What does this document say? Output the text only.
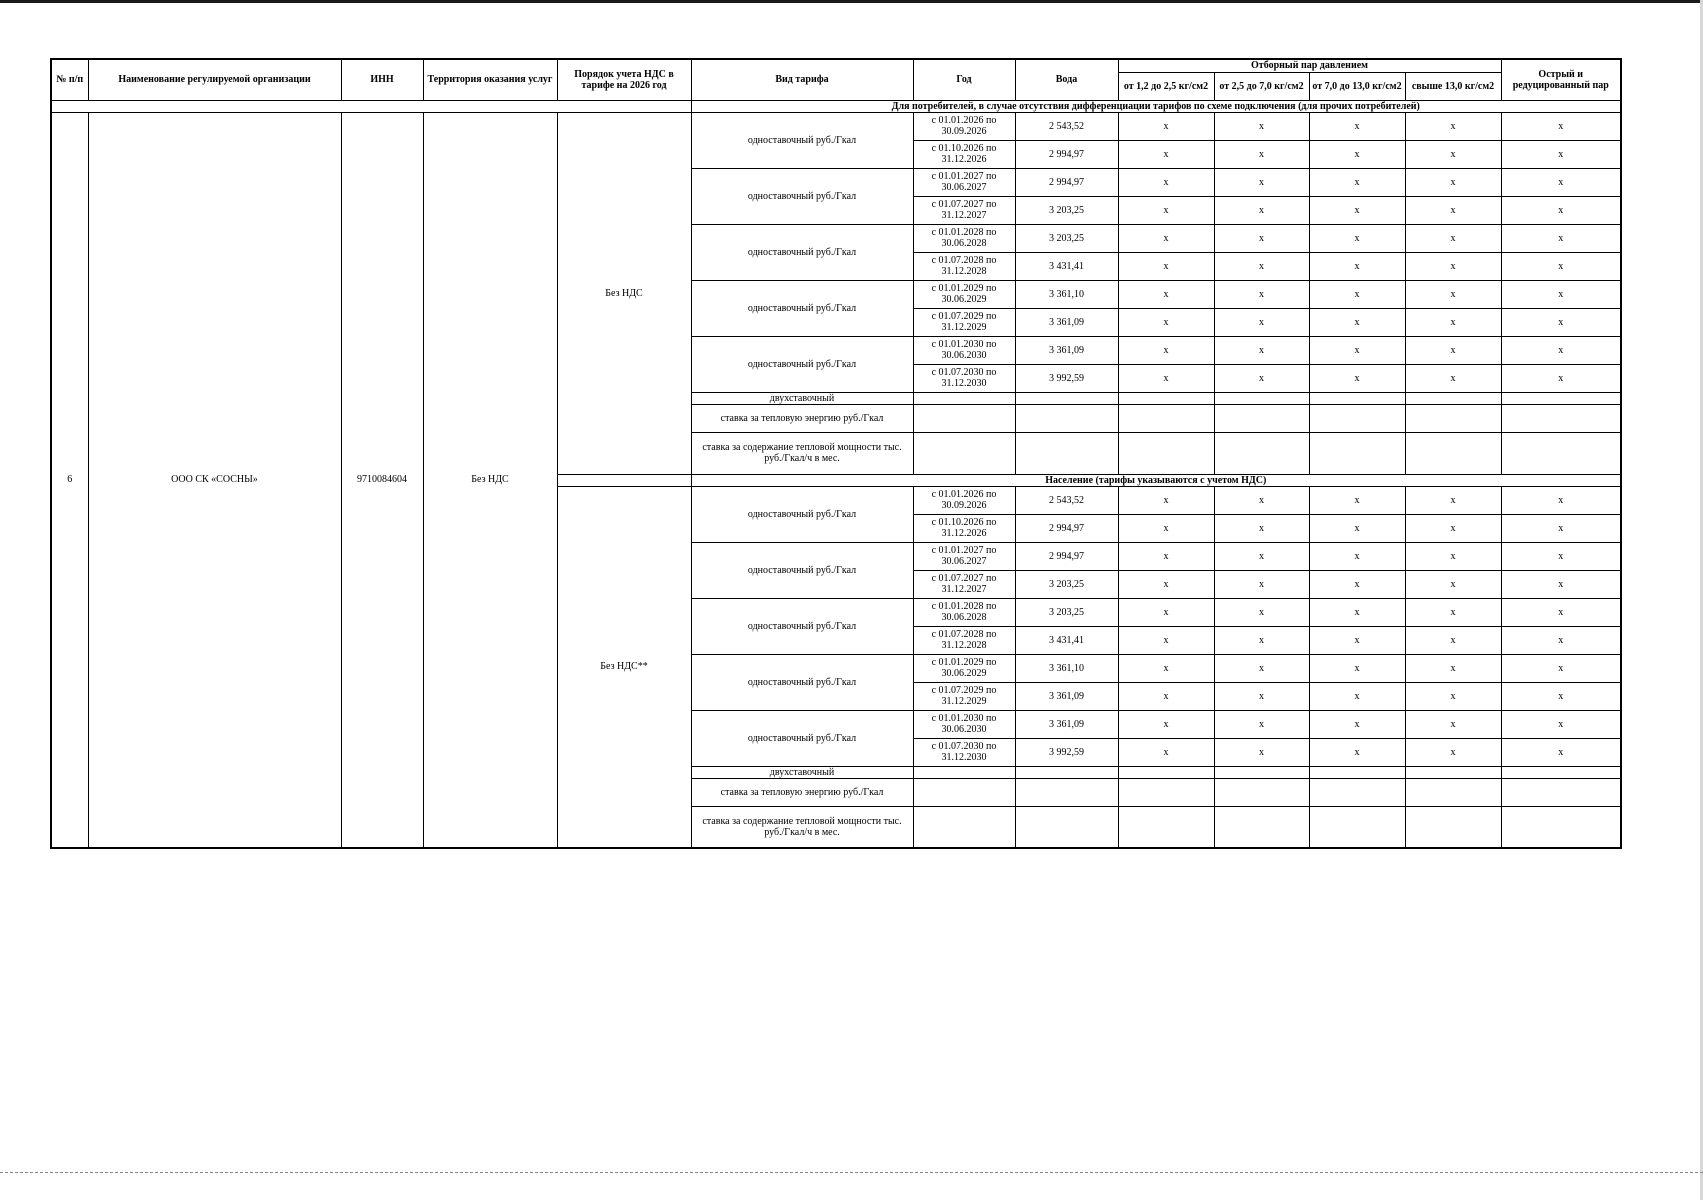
№ п/п	Наименование регулируемой организации	ИНН	Территория оказания услуг	Порядок учета НДС в тарифе на 2026 год	Вид тарифа	Год	Вода	Отборный пар давлением				Острый и редуцированный пар
								от 1,2 до 2,5 кг/см2	от 2,5 до 7,0 кг/см2	от 7,0 до 13,0 кг/см2	свыше 13,0 кг/см2	
					Для потребителей, в случае отсутствия дифференциации тарифов по схеме подключения (для прочих потребителей)							
6	ООО СК «СОСНЫ»	9710084604	Без НДС	Без НДС	одноставочный руб./Гкал	с 01.01.2026 по 30.09.2026	2 543,52	x	x	x	x	x
						с 01.10.2026 по 31.12.2026	2 994,97	x	x	x	x	x
					одноставочный руб./Гкал	с 01.01.2027 по 30.06.2027	2 994,97	x	x	x	x	x
						с 01.07.2027 по 31.12.2027	3 203,25	x	x	x	x	x
					одноставочный руб./Гкал	с 01.01.2028 по 30.06.2028	3 203,25	x	x	x	x	x
						с 01.07.2028 по 31.12.2028	3 431,41	x	x	x	x	x
					одноставочный руб./Гкал	с 01.01.2029 по 30.06.2029	3 361,10	x	x	x	x	x
						с 01.07.2029 по 31.12.2029	3 361,09	x	x	x	x	x
					одноставочный руб./Гкал	с 01.01.2030 по 30.06.2030	3 361,09	x	x	x	x	x
						с 01.07.2030 по 31.12.2030	3 992,59	x	x	x	x	x
					двухставочный							
					ставка за тепловую энергию руб./Гкал							
					ставка за содержание тепловой мощности тыс. руб./Гкал/ч в мес.							
					Население (тарифы указываются с учетом НДС)							
				Без НДС**	одноставочный руб./Гкал	с 01.01.2026 по 30.09.2026	2 543,52	x	x	x	x	x
						с 01.10.2026 по 31.12.2026	2 994,97	x	x	x	x	x
					одноставочный руб./Гкал	с 01.01.2027 по 30.06.2027	2 994,97	x	x	x	x	x
						с 01.07.2027 по 31.12.2027	3 203,25	x	x	x	x	x
					одноставочный руб./Гкал	с 01.01.2028 по 30.06.2028	3 203,25	x	x	x	x	x
						с 01.07.2028 по 31.12.2028	3 431,41	x	x	x	x	x
					одноставочный руб./Гкал	с 01.01.2029 по 30.06.2029	3 361,10	x	x	x	x	x
						с 01.07.2029 по 31.12.2029	3 361,09	x	x	x	x	x
					одноставочный руб./Гкал	с 01.01.2030 по 30.06.2030	3 361,09	x	x	x	x	x
						с 01.07.2030 по 31.12.2030	3 992,59	x	x	x	x	x
					двухставочный							
					ставка за тепловую энергию руб./Гкал							
					ставка за содержание тепловой мощности тыс. руб./Гкал/ч в мес.							
